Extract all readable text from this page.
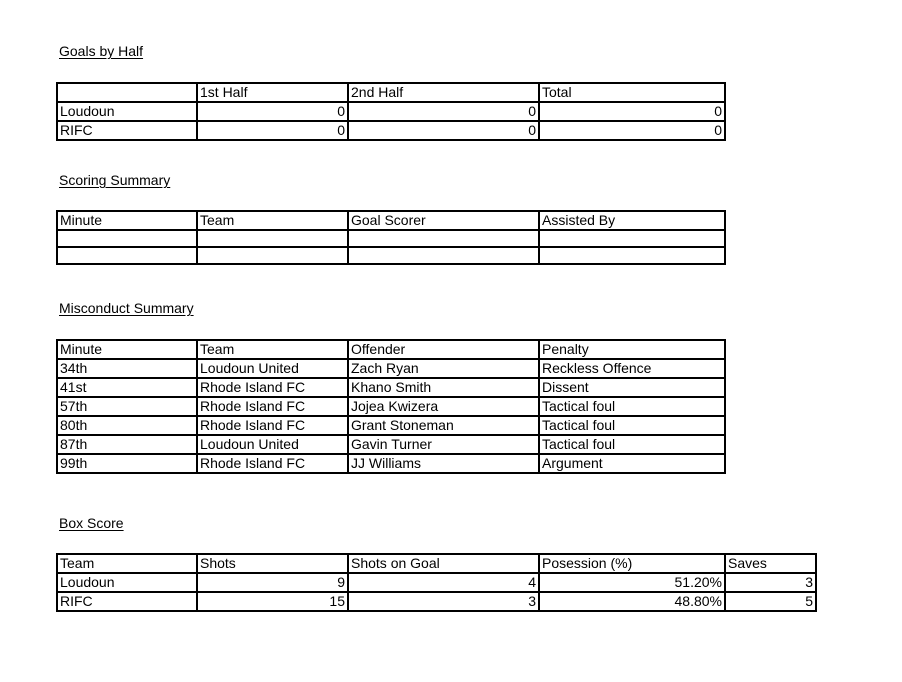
Goals by Half
	1st Half	2nd Half	Total
Loudoun	0	0	0
RIFC	0	0	0
Scoring Summary
Minute	Team	Goal Scorer	Assisted By

Misconduct Summary
Minute	Team	Offender	Penalty
34th	Loudoun United	Zach Ryan	Reckless Offence
41st	Rhode Island FC	Khano Smith	Dissent
57th	Rhode Island FC	Jojea Kwizera	Tactical foul
80th	Rhode Island FC	Grant Stoneman	Tactical foul
87th	Loudoun United	Gavin Turner	Tactical foul
99th	Rhode Island FC	JJ Williams	Argument
Box Score
Team	Shots	Shots on Goal	Posession (%)	Saves
Loudoun	9	4	51.20%	3
RIFC	15	3	48.80%	5
